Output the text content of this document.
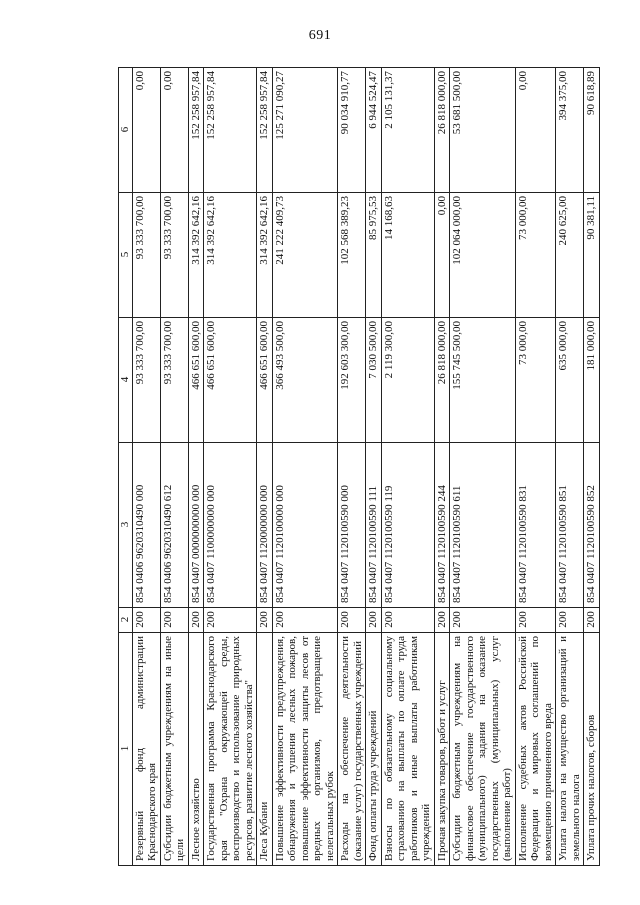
691
1	2	3	4	5	6
Резервный фонд администрации Краснодарского края	200	854 0406 9620310490 000	93 333 700,00	93 333 700,00	0,00
Субсидии бюджетным учреждениям на иные цели	200	854 0406 9620310490 612	93 333 700,00	93 333 700,00	0,00
Лесное хозяйство	200	854 0407 0000000000 000	466 651 600,00	314 392 642,16	152 258 957,84
Государственная программа Краснодарского края "Охрана окружающей среды, воспроизводство и использование природных ресурсов, развитие лесного хозяйства"	200	854 0407 1100000000 000	466 651 600,00	314 392 642,16	152 258 957,84
Леса Кубани	200	854 0407 1120000000 000	466 651 600,00	314 392 642,16	152 258 957,84
Повышение эффективности предупреждения, обнаружения и тушения лесных пожаров, повышение эффективности защиты лесов от вредных организмов, предотвращение нелегальных рубок	200	854 0407 1120100000 000	366 493 500,00	241 222 409,73	125 271 090,27
Расходы на обеспечение деятельности (оказание услуг) государственных учреждений	200	854 0407 1120100590 000	192 603 300,00	102 568 389,23	90 034 910,77
Фонд оплаты труда учреждений	200	854 0407 1120100590 111	7 030 500,00	85 975,53	6 944 524,47
Взносы по обязательному социальному страхованию на выплаты по оплате труда работников и иные выплаты работникам учреждений	200	854 0407 1120100590 119	2 119 300,00	14 168,63	2 105 131,37
Прочая закупка товаров, работ и услуг	200	854 0407 1120100590 244	26 818 000,00	0,00	26 818 000,00
Субсидии бюджетным учреждениям на финансовое обеспечение государственного (муниципального) задания на оказание государственных (муниципальных) услуг (выполнение работ)	200	854 0407 1120100590 611	155 745 500,00	102 064 000,00	53 681 500,00
Исполнение судебных актов Российской Федерации и мировых соглашений по возмещению причиненного вреда	200	854 0407 1120100590 831	73 000,00	73 000,00	0,00
Уплата налога на имущество организаций и земельного налога	200	854 0407 1120100590 851	635 000,00	240 625,00	394 375,00
Уплата прочих налогов, сборов	200	854 0407 1120100590 852	181 000,00	90 381,11	90 618,89
